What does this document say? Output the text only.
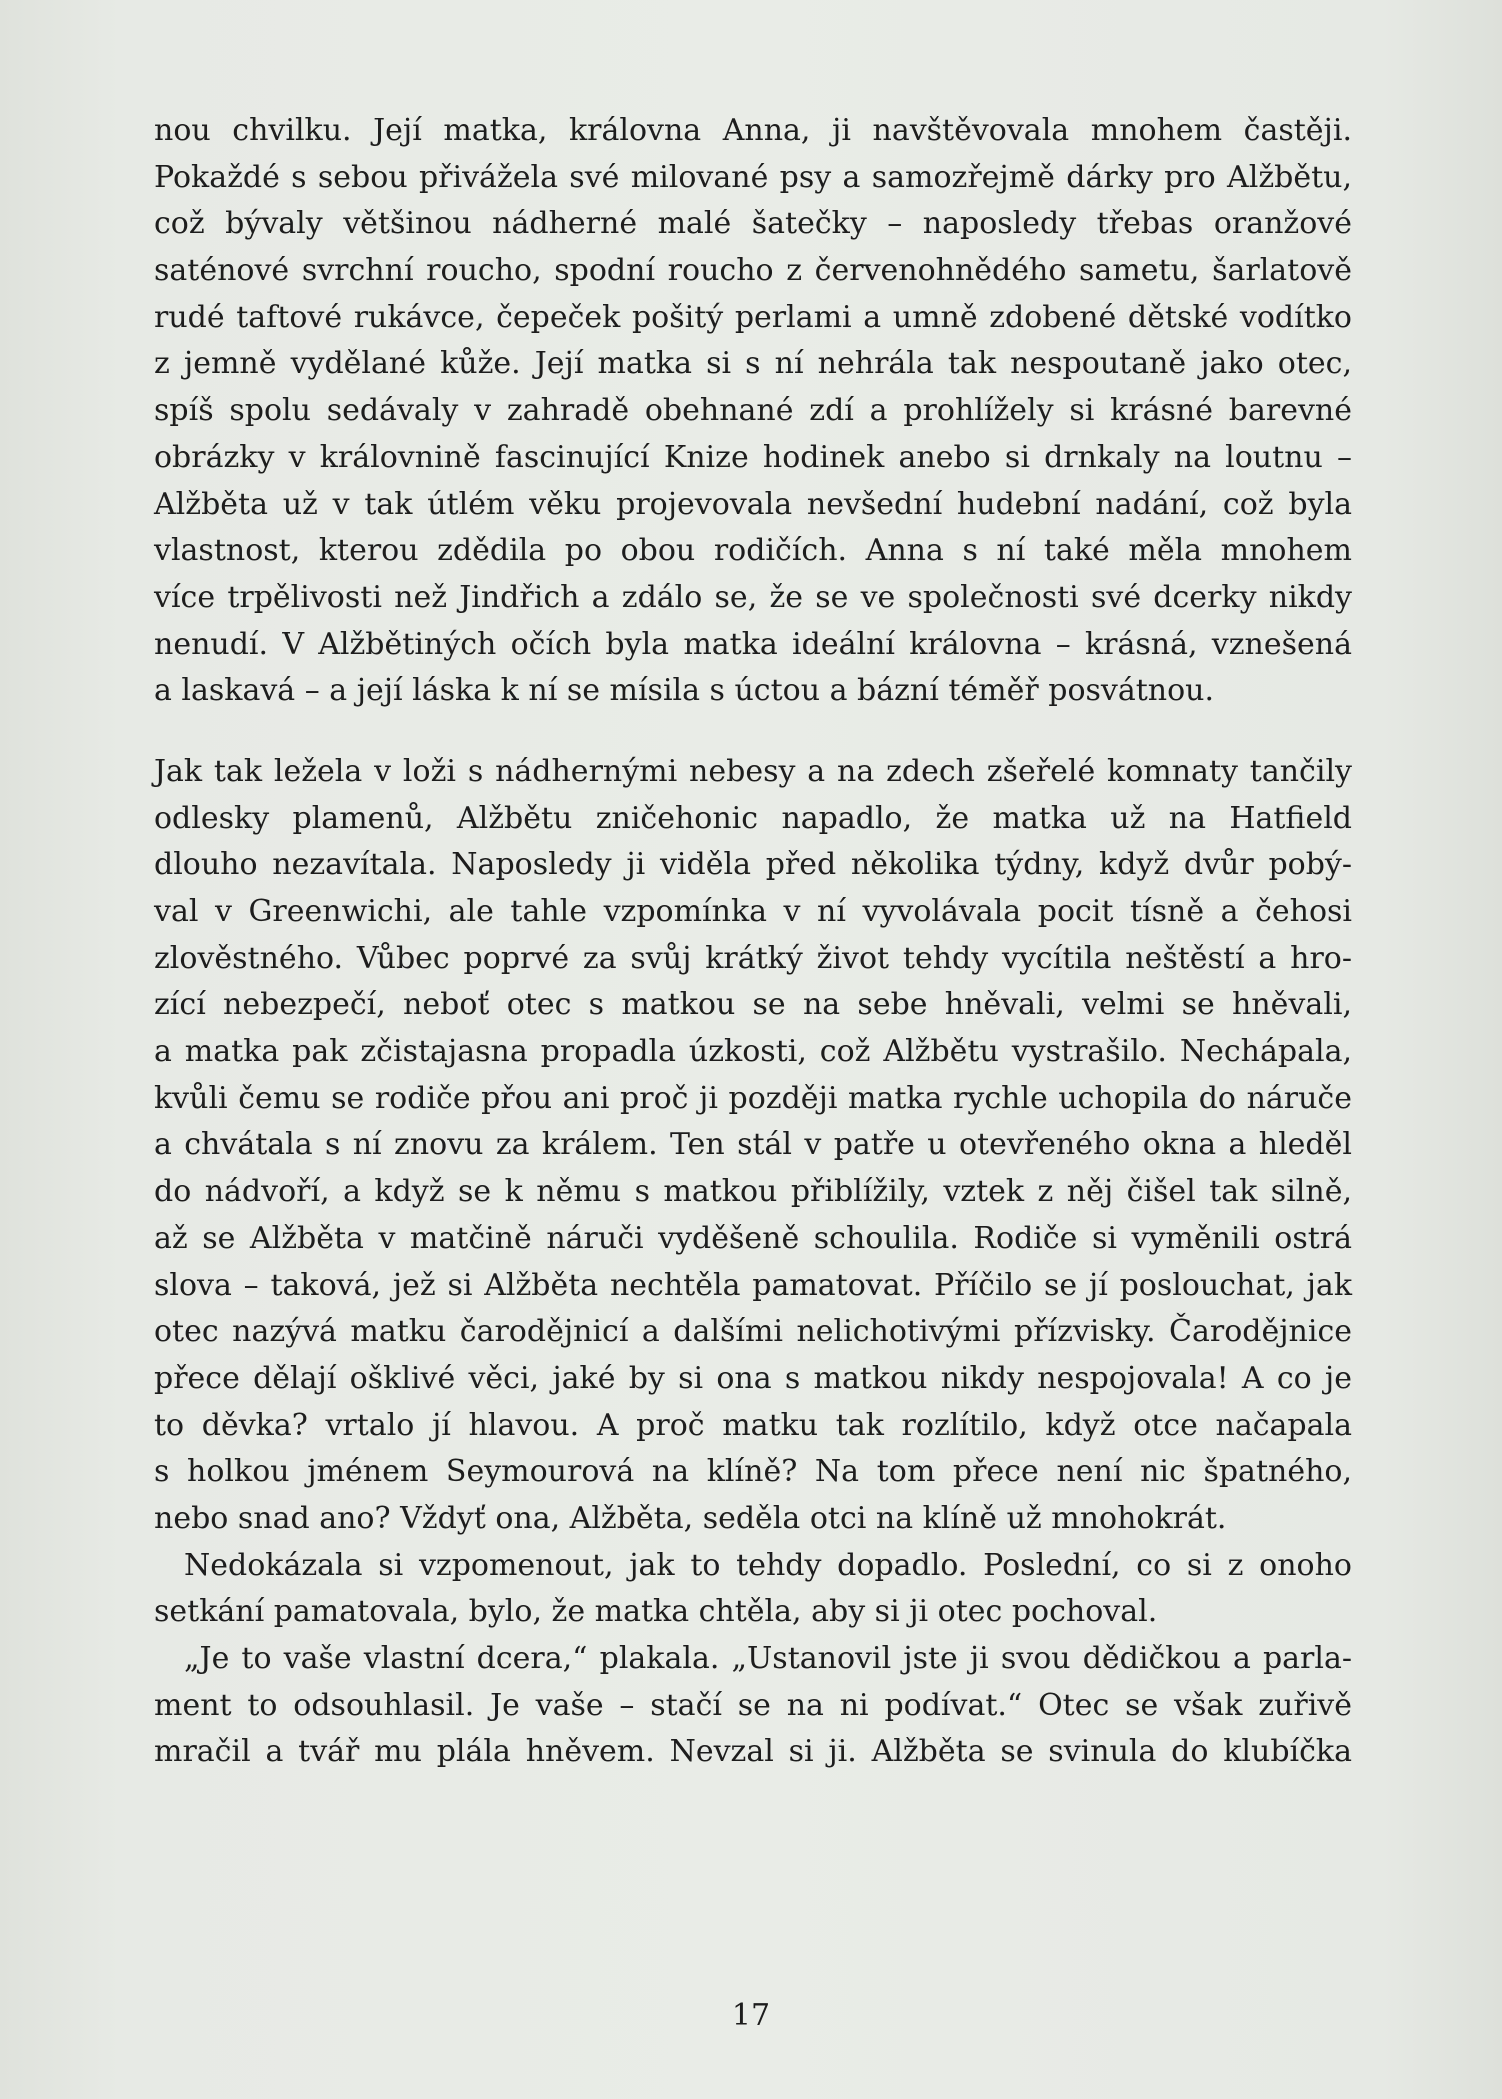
nou chvilku. Její matka, královna Anna, ji navštěvovala mnohem častěji.
Pokaždé s sebou přivážela své milované psy a samozřejmě dárky pro Alžbětu,
což bývaly většinou nádherné malé šatečky – naposledy třebas oranžové
saténové svrchní roucho, spodní roucho z červenohnědého sametu, šarlatově
rudé taftové rukávce, čepeček pošitý perlami a umně zdobené dětské vodítko
z jemně vydělané kůže. Její matka si s ní nehrála tak nespoutaně jako otec,
spíš spolu sedávaly v zahradě obehnané zdí a prohlížely si krásné barevné
obrázky v královnině fascinující Knize hodinek anebo si drnkaly na loutnu –
Alžběta už v tak útlém věku projevovala nevšední hudební nadání, což byla
vlastnost, kterou zdědila po obou rodičích. Anna s ní také měla mnohem
více trpělivosti než Jindřich a zdálo se, že se ve společnosti své dcerky nikdy
nenudí. V Alžbětiných očích byla matka ideální královna – krásná, vznešená
a laskavá – a její láska k ní se mísila s úctou a bázní téměř posvátnou.
Jak tak ležela v loži s nádhernými nebesy a na zdech zšeřelé komnaty tančily
odlesky plamenů, Alžbětu zničehonic napadlo, že matka už na Hatfield
dlouho nezavítala. Naposledy ji viděla před několika týdny, když dvůr pobý-
val v Greenwichi, ale tahle vzpomínka v ní vyvolávala pocit tísně a čehosi
zlověstného. Vůbec poprvé za svůj krátký život tehdy vycítila neštěstí a hro-
zící nebezpečí, neboť otec s matkou se na sebe hněvali, velmi se hněvali,
a matka pak zčistajasna propadla úzkosti, což Alžbětu vystrašilo. Nechápala,
kvůli čemu se rodiče přou ani proč ji později matka rychle uchopila do náruče
a chvátala s ní znovu za králem. Ten stál v patře u otevřeného okna a hleděl
do nádvoří, a když se k němu s matkou přiblížily, vztek z něj čišel tak silně,
až se Alžběta v matčině náruči vyděšeně schoulila. Rodiče si vyměnili ostrá
slova – taková, jež si Alžběta nechtěla pamatovat. Příčilo se jí poslouchat, jak
otec nazývá matku čarodějnicí a dalšími nelichotivými přízvisky. Čarodějnice
přece dělají ošklivé věci, jaké by si ona s matkou nikdy nespojovala! A co je
to děvka? vrtalo jí hlavou. A proč matku tak rozlítilo, když otce načapala
s holkou jménem Seymourová na klíně? Na tom přece není nic špatného,
nebo snad ano? Vždyť ona, Alžběta, seděla otci na klíně už mnohokrát.
Nedokázala si vzpomenout, jak to tehdy dopadlo. Poslední, co si z onoho
setkání pamatovala, bylo, že matka chtěla, aby si ji otec pochoval.
„Je to vaše vlastní dcera,“ plakala. „Ustanovil jste ji svou dědičkou a parla-
ment to odsouhlasil. Je vaše – stačí se na ni podívat.“ Otec se však zuřivě
mračil a tvář mu plála hněvem. Nevzal si ji. Alžběta se svinula do klubíčka
17
